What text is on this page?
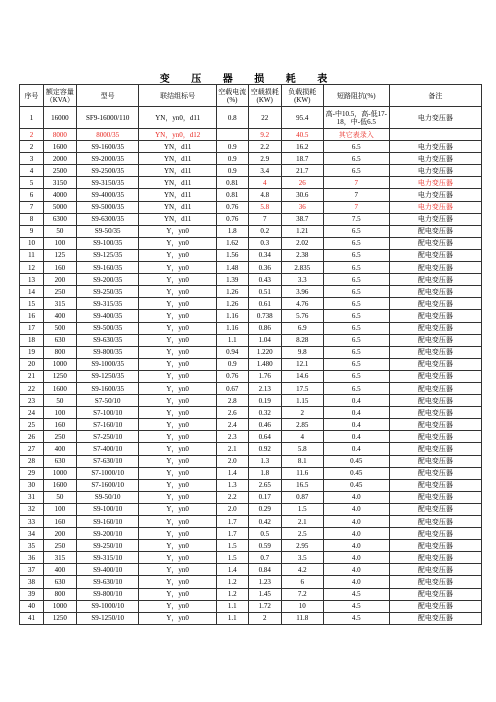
变 压 器 损 耗 表
序号	额定容量（KVA）	型号	联结组标号	空载电流(%)	空载损耗(KW)	负载损耗(KW)	短路阻抗(%)	备注
1	16000	SF9-16000/110	YN，yn0，d11	0.8	22	95.4	高-中10.5，高-低17-18，中-低6.5	电力变压器
2	8000	8000/35	YN，yn0，d12		9.2	40.5	其它表录入	
2	1600	S9-1600/35	YN，d11	0.9	2.2	16.2	6.5	电力变压器
3	2000	S9-2000/35	YN，d11	0.9	2.9	18.7	6.5	电力变压器
4	2500	S9-2500/35	YN，d11	0.9	3.4	21.7	6.5	电力变压器
5	3150	S9-3150/35	YN，d11	0.81	4	26	7	电力变压器
6	4000	S9-4000/35	YN，d11	0.81	4.8	30.6	7	电力变压器
7	5000	S9-5000/35	YN，d11	0.76	5.8	36	7	电力变压器
8	6300	S9-6300/35	YN，d11	0.76	7	38.7	7.5	电力变压器
9	50	S9-50/35	Y，yn0	1.8	0.2	1.21	6.5	配电变压器
10	100	S9-100/35	Y，yn0	1.62	0.3	2.02	6.5	配电变压器
11	125	S9-125/35	Y，yn0	1.56	0.34	2.38	6.5	配电变压器
12	160	S9-160/35	Y，yn0	1.48	0.36	2.835	6.5	配电变压器
13	200	S9-200/35	Y，yn0	1.39	0.43	3.3	6.5	配电变压器
14	250	S9-250/35	Y，yn0	1.26	0.51	3.96	6.5	配电变压器
15	315	S9-315/35	Y，yn0	1.26	0.61	4.76	6.5	配电变压器
16	400	S9-400/35	Y，yn0	1.16	0.738	5.76	6.5	配电变压器
17	500	S9-500/35	Y，yn0	1.16	0.86	6.9	6.5	配电变压器
18	630	S9-630/35	Y，yn0	1.1	1.04	8.28	6.5	配电变压器
19	800	S9-800/35	Y，yn0	0.94	1.220	9.8	6.5	配电变压器
20	1000	S9-1000/35	Y，yn0	0.9	1.480	12.1	6.5	配电变压器
21	1250	S9-1250/35	Y，yn0	0.76	1.76	14.6	6.5	配电变压器
22	1600	S9-1600/35	Y，yn0	0.67	2.13	17.5	6.5	配电变压器
23	50	S7-50/10	Y，yn0	2.8	0.19	1.15	0.4	配电变压器
24	100	S7-100/10	Y，yn0	2.6	0.32	2	0.4	配电变压器
25	160	S7-160/10	Y，yn0	2.4	0.46	2.85	0.4	配电变压器
26	250	S7-250/10	Y，yn0	2.3	0.64	4	0.4	配电变压器
27	400	S7-400/10	Y，yn0	2.1	0.92	5.8	0.4	配电变压器
28	630	S7-630/10	Y，yn0	2.0	1.3	8.1	0.45	配电变压器
29	1000	S7-1000/10	Y，yn0	1.4	1.8	11.6	0.45	配电变压器
30	1600	S7-1600/10	Y，yn0	1.3	2.65	16.5	0.45	配电变压器
31	50	S9-50/10	Y，yn0	2.2	0.17	0.87	4.0	配电变压器
32	100	S9-100/10	Y，yn0	2.0	0.29	1.5	4.0	配电变压器
33	160	S9-160/10	Y，yn0	1.7	0.42	2.1	4.0	配电变压器
34	200	S9-200/10	Y，yn0	1.7	0.5	2.5	4.0	配电变压器
35	250	S9-250/10	Y，yn0	1.5	0.59	2.95	4.0	配电变压器
36	315	S9-315/10	Y，yn0	1.5	0.7	3.5	4.0	配电变压器
37	400	S9-400/10	Y，yn0	1.4	0.84	4.2	4.0	配电变压器
38	630	S9-630/10	Y，yn0	1.2	1.23	6	4.0	配电变压器
39	800	S9-800/10	Y，yn0	1.2	1.45	7.2	4.5	配电变压器
40	1000	S9-1000/10	Y，yn0	1.1	1.72	10	4.5	配电变压器
41	1250	S9-1250/10	Y，yn0	1.1	2	11.8	4.5	配电变压器
